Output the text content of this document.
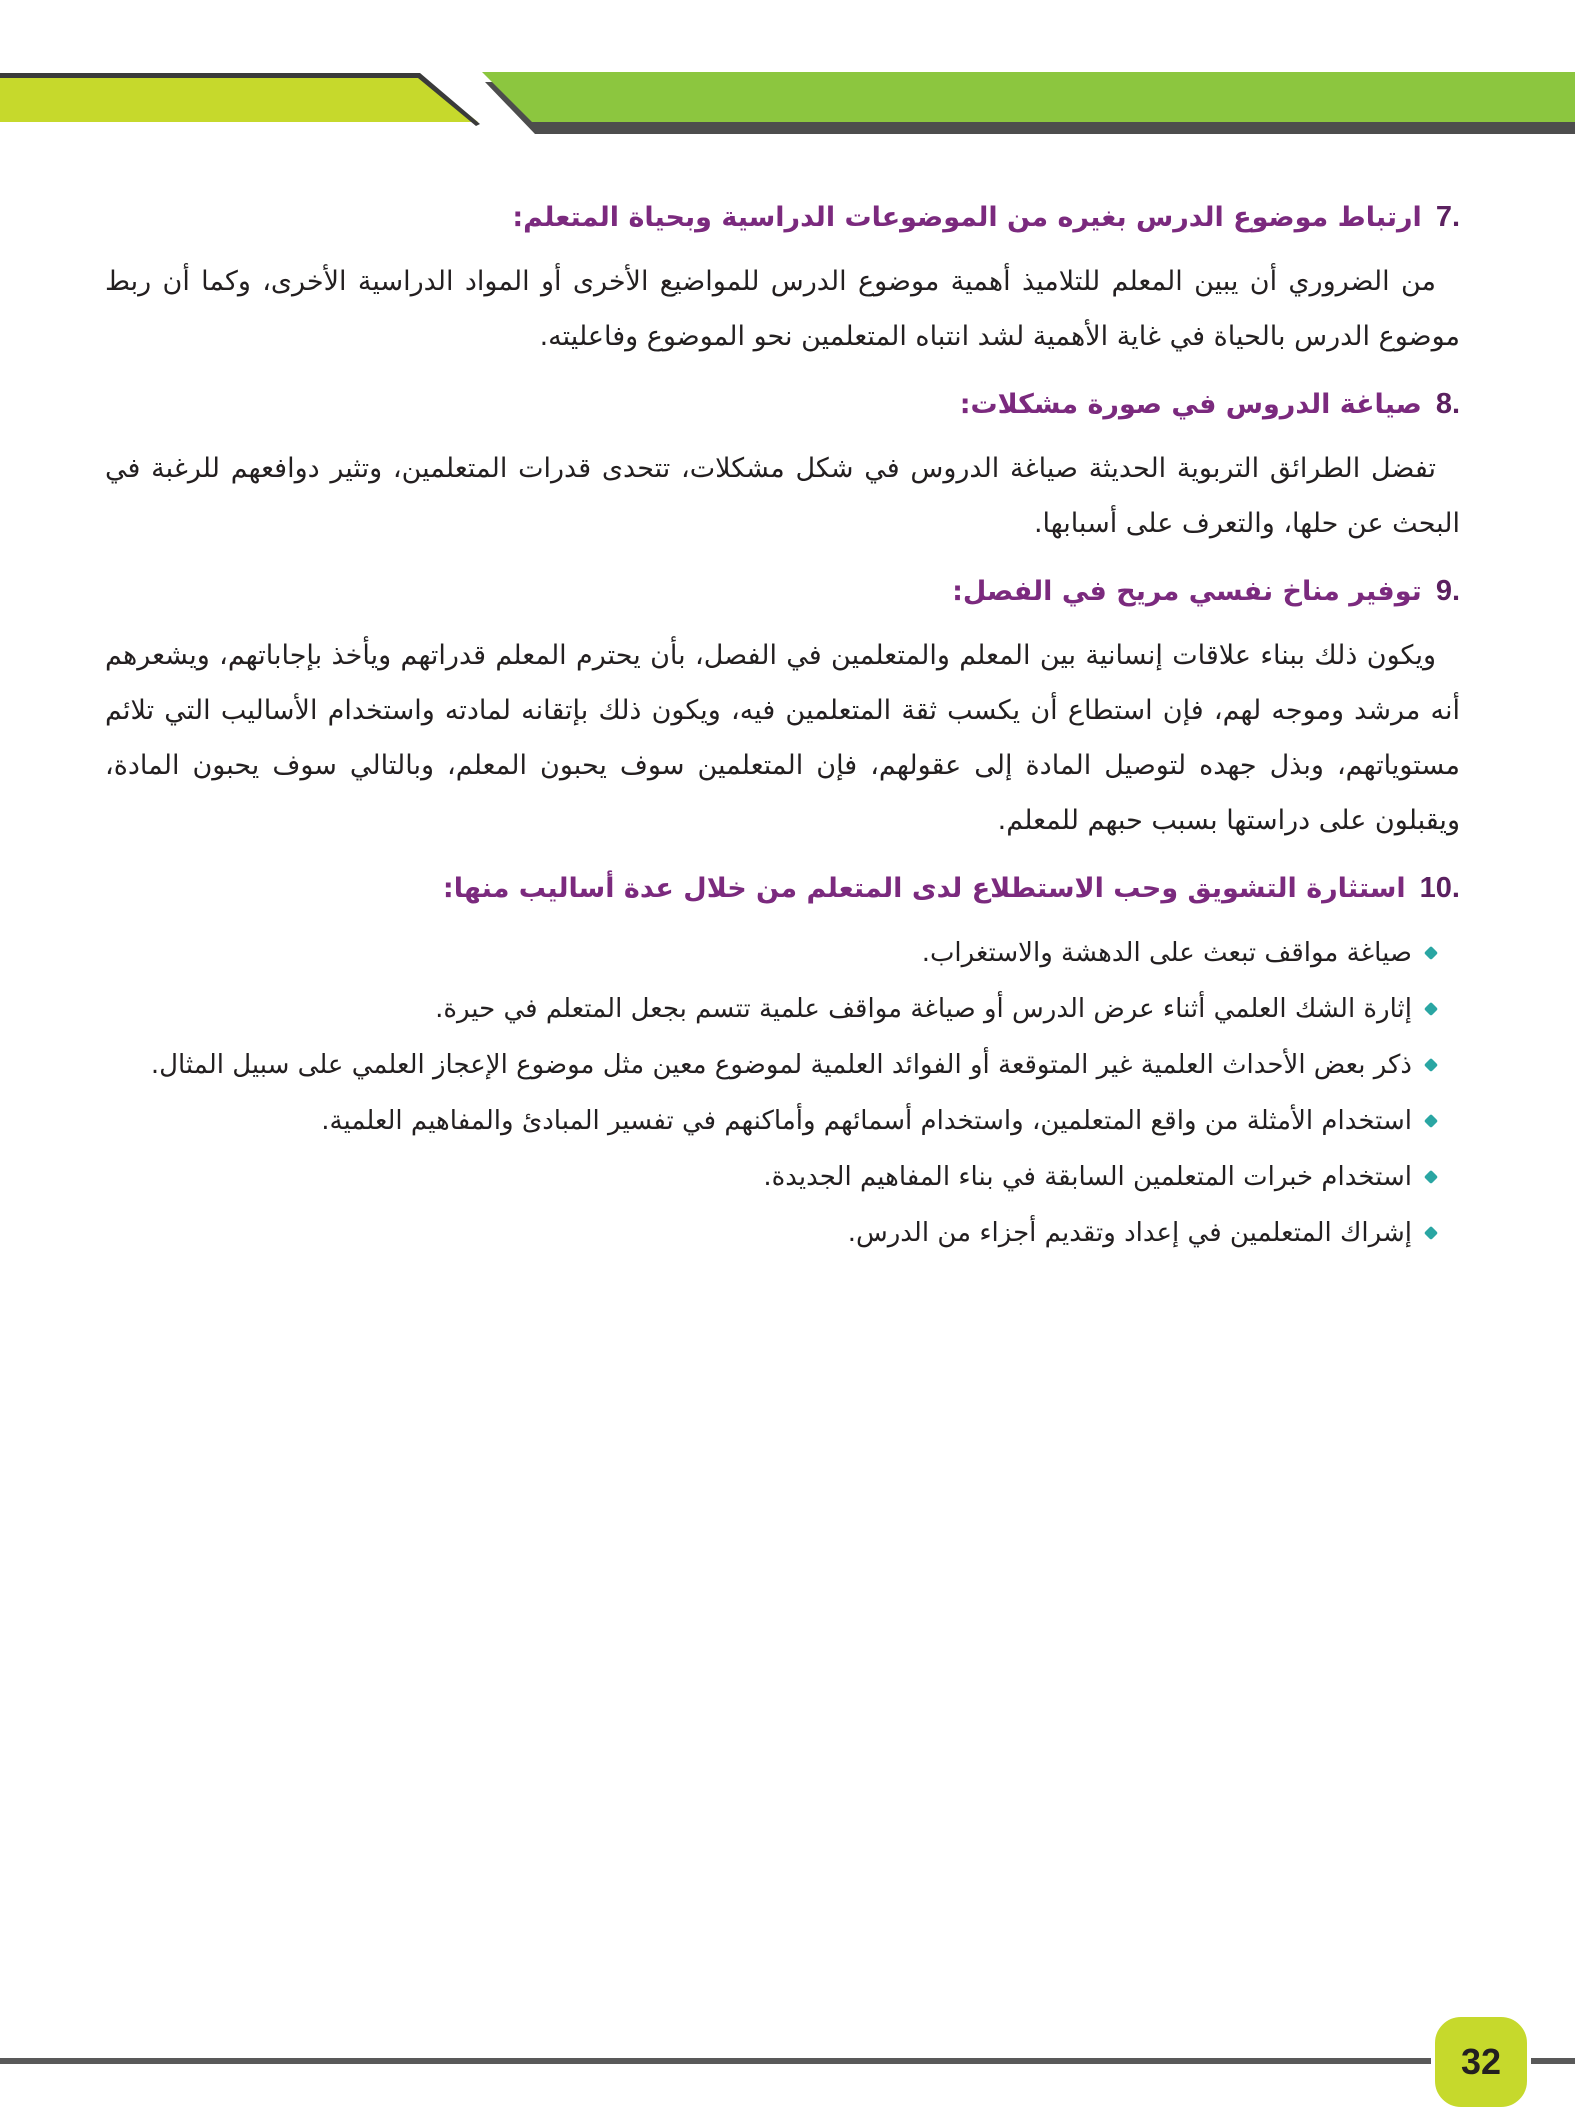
7.
ارتباط موضوع الدرس بغيره من الموضوعات الدراسية وبحياة المتعلم:

من الضروري أن يبين المعلم للتلاميذ أهمية موضوع الدرس للمواضيع الأخرى أو المواد الدراسية الأخرى، وكما أن ربط موضوع الدرس بالحياة في غاية الأهمية لشد انتباه المتعلمين نحو الموضوع وفاعليته.

8.
صياغة الدروس في صورة مشكلات:

تفضل الطرائق التربوية الحديثة صياغة الدروس في شكل مشكلات، تتحدى قدرات المتعلمين، وتثير دوافعهم للرغبة في البحث عن حلها، والتعرف على أسبابها.

9.
توفير مناخ نفسي مريح في الفصل:

ويكون ذلك ببناء علاقات إنسانية بين المعلم والمتعلمين في الفصل، بأن يحترم المعلم قدراتهم ويأخذ بإجاباتهم، ويشعرهم أنه مرشد وموجه لهم، فإن استطاع أن يكسب ثقة المتعلمين فيه، ويكون ذلك بإتقانه لمادته واستخدام الأساليب التي تلائم مستوياتهم، وبذل جهده لتوصيل المادة إلى عقولهم، فإن المتعلمين سوف يحبون المعلم، وبالتالي سوف يحبون المادة، ويقبلون على دراستها بسبب حبهم للمعلم.

10.
استثارة التشويق وحب الاستطلاع لدى المتعلم من خلال عدة أساليب منها:
صياغة مواقف تبعث على الدهشة والاستغراب.
إثارة الشك العلمي أثناء عرض الدرس أو صياغة مواقف علمية تتسم بجعل المتعلم في حيرة.
ذكر بعض الأحداث العلمية غير المتوقعة أو الفوائد العلمية لموضوع معين مثل موضوع الإعجاز العلمي على سبيل المثال.
استخدام الأمثلة من واقع المتعلمين، واستخدام أسمائهم وأماكنهم في تفسير المبادئ والمفاهيم العلمية.
استخدام خبرات المتعلمين السابقة في بناء المفاهيم الجديدة.
إشراك المتعلمين في إعداد وتقديم أجزاء من الدرس.
32
